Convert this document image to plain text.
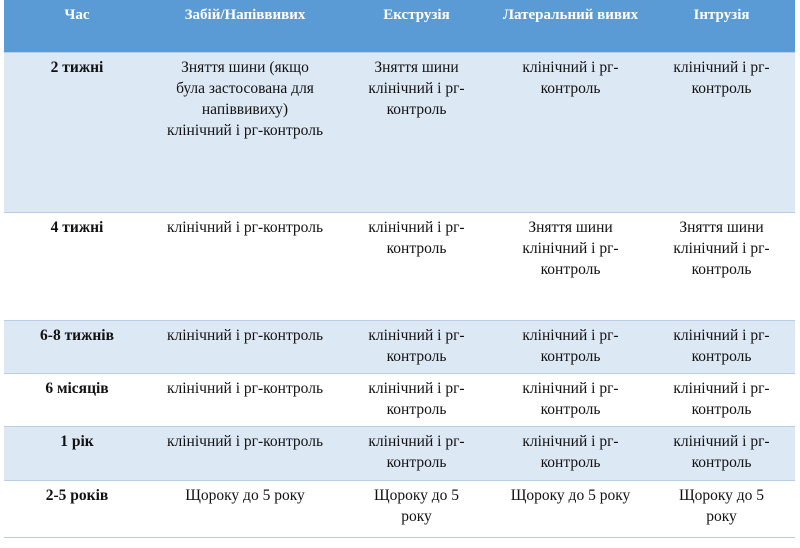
Час	Забій/Напіввивих	Екструзія	Латеральний вивих	Інтрузія
2 тижні	Зняття шини (якщо
була застосована для
напіввивиху)
клінічний і рг-контроль	Зняття шини
клінічний і рг-
контроль	клінічний і рг-
контроль	клінічний і рг-
контроль

4 тижні	клінічний і рг-контроль	клінічний і рг-
контроль	Зняття шини
клінічний і рг-
контроль	Зняття шини
клінічний і рг-
контроль

6-8 тижнів	клінічний і рг-контроль	клінічний і рг-
контроль	клінічний і рг-
контроль	клінічний і рг-
контроль

6 місяців	клінічний і рг-контроль	клінічний і рг-
контроль	клінічний і рг-
контроль	клінічний і рг-
контроль

1 рік	клінічний і рг-контроль	клінічний і рг-
контроль	клінічний і рг-
контроль	клінічний і рг-
контроль

2-5 років	Щороку до 5 року	Щороку до 5
року	Щороку до 5 року	Щороку до 5
року
